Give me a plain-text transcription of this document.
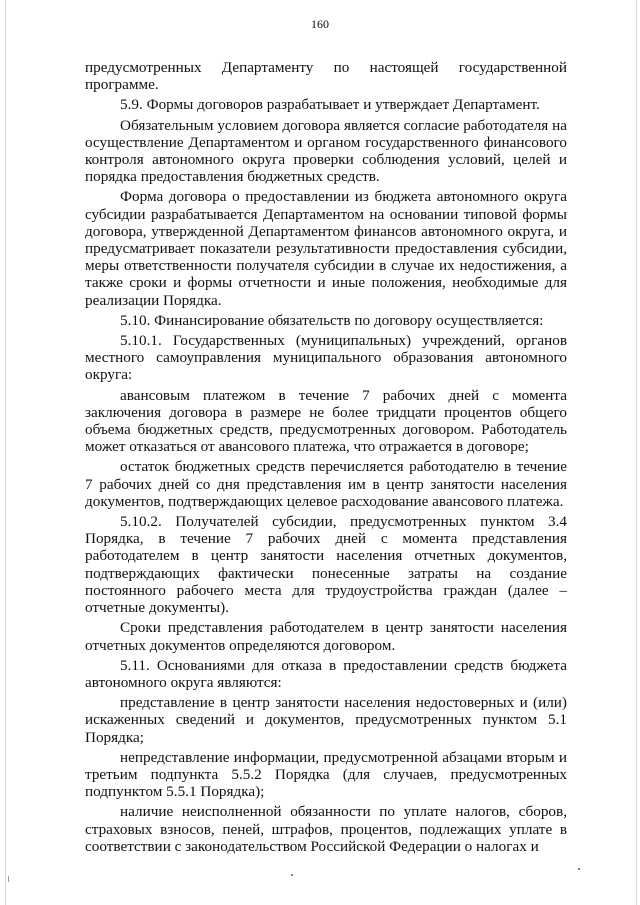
160

предусмотренных Департаменту по настоящей государственной программе.

5.9. Формы договоров разрабатывает и утверждает Департамент.

Обязательным условием договора является согласие работодателя на осуществление Департаментом и органом государственного финансового контроля автономного округа проверки соблюдения условий, целей и порядка предоставления бюджетных средств.

Форма договора о предоставлении из бюджета автономного округа субсидии разрабатывается Департаментом на основании типовой формы договора, утвержденной Департаментом финансов автономного округа, и предусматривает показатели результативности предоставления субсидии, меры ответственности получателя субсидии в случае их недостижения, а также сроки и формы отчетности и иные положения, необходимые для реализации Порядка.

5.10. Финансирование обязательств по договору осуществляется:

5.10.1. Государственных (муниципальных) учреждений, органов местного самоуправления муниципального образования автономного округа:

авансовым платежом в течение 7 рабочих дней с момента заключения договора в размере не более тридцати процентов общего объема бюджетных средств, предусмотренных договором. Работодатель может отказаться от авансового платежа, что отражается в договоре;

остаток бюджетных средств перечисляется работодателю в течение 7 рабочих дней со дня представления им в центр занятости населения документов, подтверждающих целевое расходование авансового платежа.

5.10.2. Получателей субсидии, предусмотренных пунктом 3.4 Порядка, в течение 7 рабочих дней с момента представления работодателем в центр занятости населения отчетных документов, подтверждающих фактически понесенные затраты на создание постоянного рабочего места для трудоустройства граждан (далее – отчетные документы).

Сроки представления работодателем в центр занятости населения отчетных документов определяются договором.

5.11. Основаниями для отказа в предоставлении средств бюджета автономного округа являются:

представление в центр занятости населения недостоверных и (или) искаженных сведений и документов, предусмотренных пунктом 5.1 Порядка;

непредставление информации, предусмотренной абзацами вторым и третьим подпункта 5.5.2 Порядка (для случаев, предусмотренных подпунктом 5.5.1 Порядка);

наличие неисполненной обязанности по уплате налогов, сборов, страховых взносов, пеней, штрафов, процентов, подлежащих уплате в соответствии с законодательством Российской Федерации о налогах и
